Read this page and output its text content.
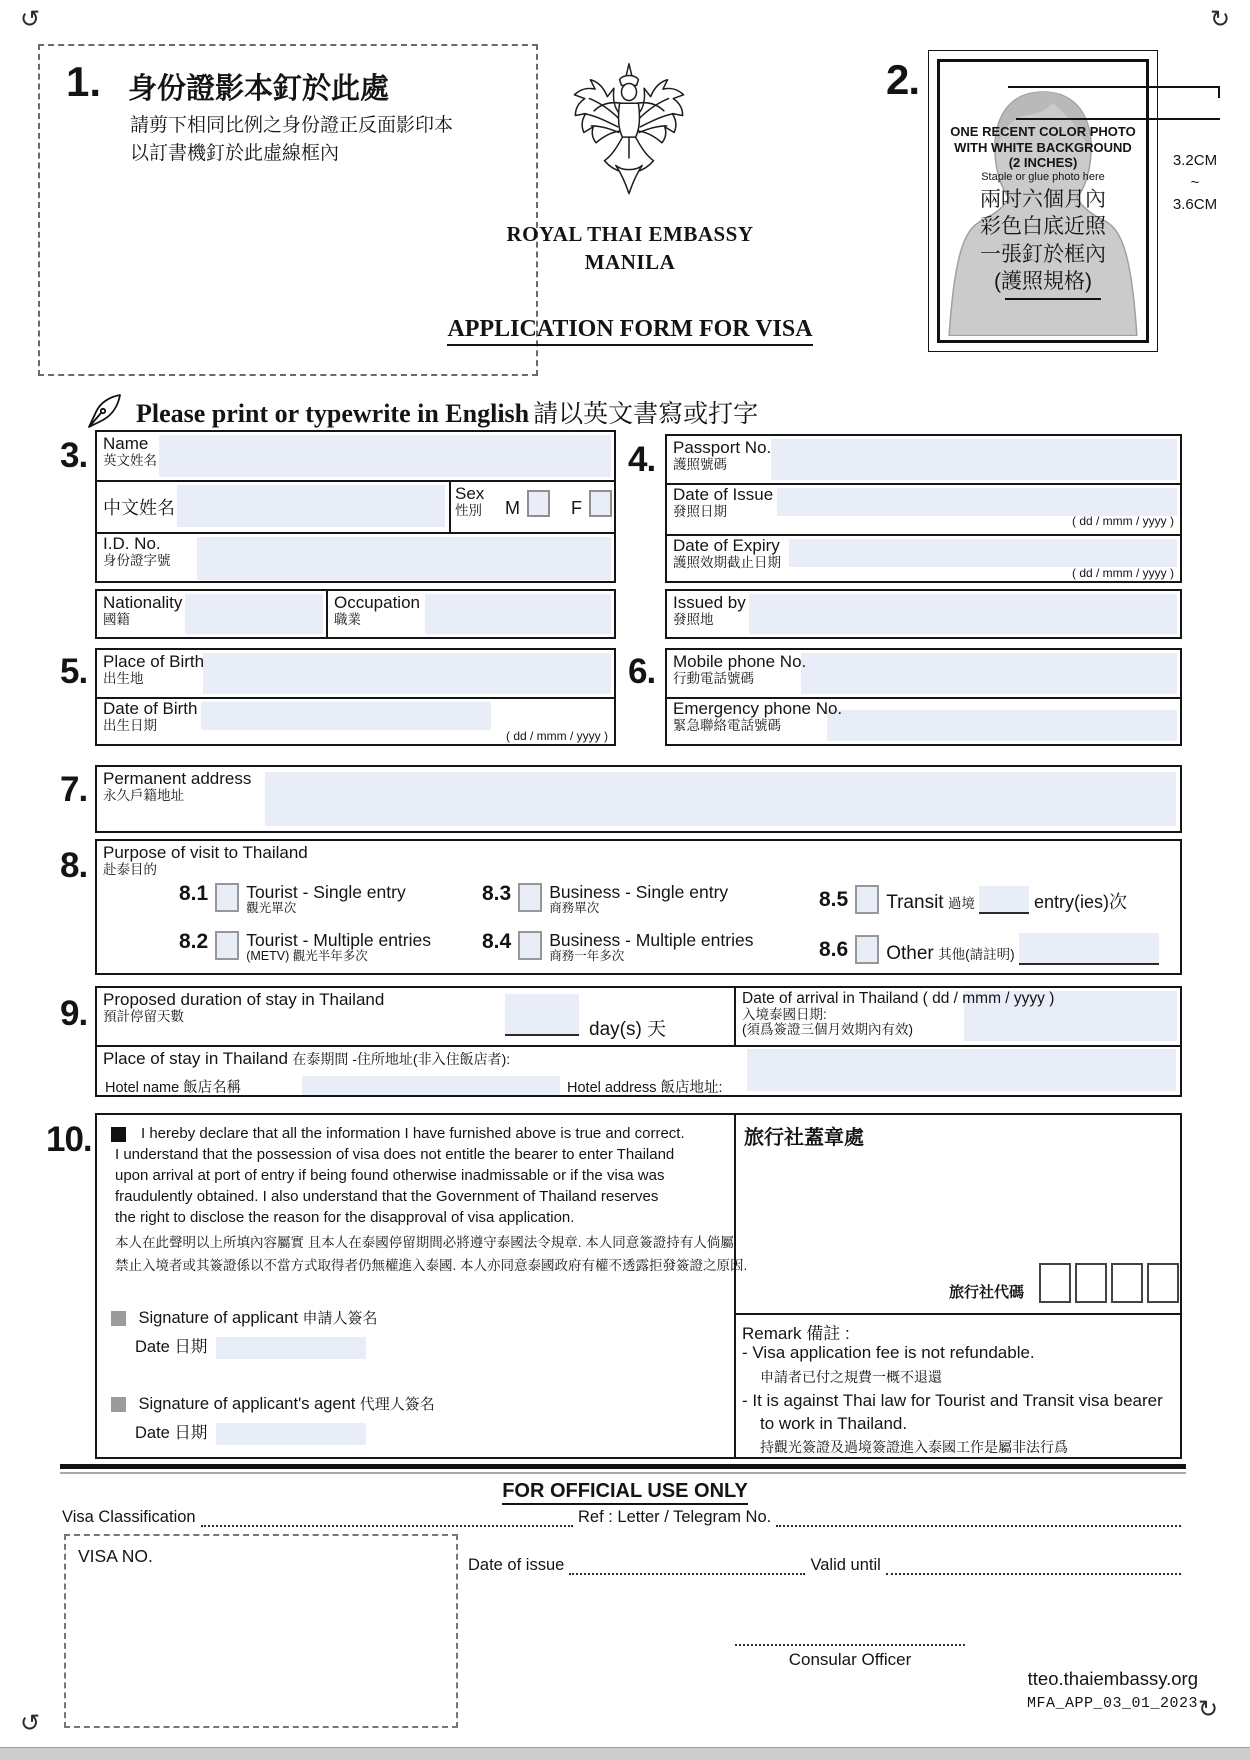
↺	↻
↺
↻
1. 身份證影本釘於此處
請剪下相同比例之身份證正反面影印本
以訂書機釘於此虛線框內
ROYAL THAI EMBASSY
MANILA
APPLICATION FORM FOR VISA
2.
ONE RECENT COLOR PHOTO
WITH WHITE BACKGROUND
(2 INCHES)
Staple or glue photo here
兩吋六個月內
彩色白底近照
一張釘於框內
(護照規格)
3.2CM
~
3.6CM
Please print or typewrite in English 請以英文書寫或打字
3. Name
英文姓名
中文姓名
Sex
性別 M	F
I.D. No.
身份證字號
Nationality
國籍
Occupation
職業
4. Passport No.
護照號碼
Date of Issue
發照日期
( dd / mmm / yyyy )
Date of Expiry
護照效期截止日期
( dd / mmm / yyyy )
Issued by
發照地
5. Place of Birth
出生地
Date of Birth
出生日期
( dd / mmm / yyyy )
6. Mobile phone No.
行動電話號碼
Emergency phone No.
緊急聯絡電話號碼
7. Permanent address
永久戶籍地址
8. Purpose of visit to Thailand
赴泰目的
8.1 Tourist - Single entry
觀光單次
8.2 Tourist - Multiple entries
(METV) 觀光半年多次
8.3 Business - Single entry
商務單次
8.4 Business - Multiple entries
商務一年多次
8.5 Transit 過境	entry(ies)次
8.6 Other 其他(請註明)
9. Proposed duration of stay in Thailand
預計停留天數
day(s) 天
Date of arrival in Thailand ( dd / mmm / yyyy )
入境泰國日期:
(須爲簽證三個月效期內有效)
Place of stay in Thailand 在泰期間 -住所地址(非入住飯店者):
Hotel name 飯店名稱	Hotel address 飯店地址:
10.	I hereby declare that all the information I have furnished above is true and correct.
I understand that the possession of visa does not entitle the bearer to enter Thailand
upon arrival at port of entry if being found otherwise inadmissable or if the visa was
fraudulently obtained. I also understand that the Government of Thailand reserves
the right to disclose the reason for the disapproval of visa application.
本人在此聲明以上所填內容屬實 且本人在泰國停留期間必將遵守泰國法令規章. 本人同意簽證持有人倘屬
禁止入境者或其簽證係以不當方式取得者仍無權進入泰國. 本人亦同意泰國政府有權不透露拒發簽證之原因.
Signature of applicant 申請人簽名
Date 日期
Signature of applicant's agent 代理人簽名
Date 日期
旅行社蓋章處
旅行社代碼
Remark 備註 :
- Visa application fee is not refundable.
申請者已付之規費一概不退還
- It is against Thai law for Tourist and Transit visa bearer
to work in Thailand.
持觀光簽證及過境簽證進入泰國工作是屬非法行爲
FOR OFFICIAL USE ONLY
Visa Classification	Ref : Letter / Telegram No.
VISA NO.	Date of issue	Valid until
Consular Officer
tteo.thaiembassy.org
MFA_APP_03_01_2023
